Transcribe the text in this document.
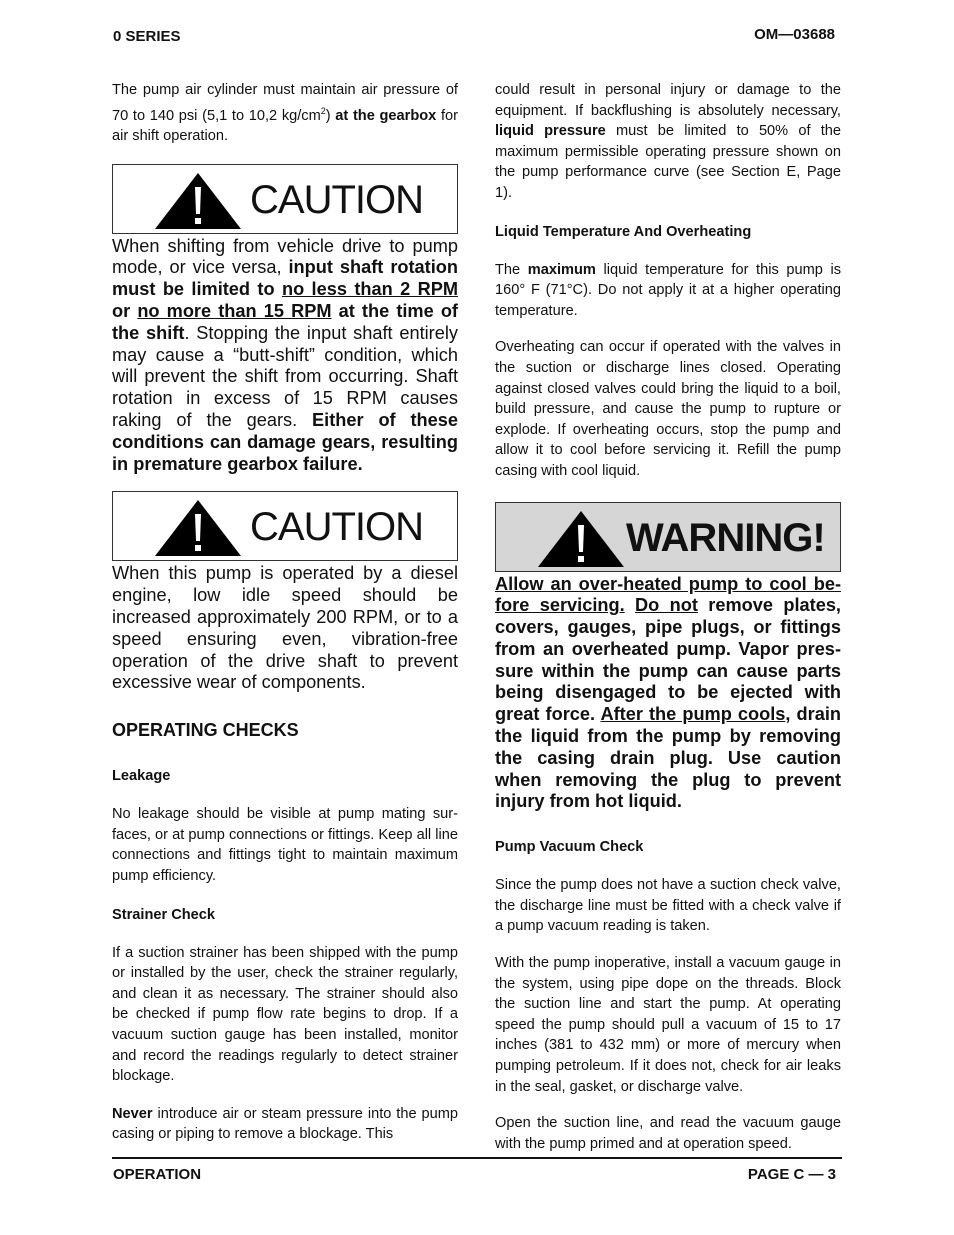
0 SERIES	OM—03688

The pump air cylinder must maintain air pressure of 70 to 140 psi (5,1 to 10,2 $kg/cm^2$) at the gearbox for air shift operation.

CAUTION

When shifting from vehicle drive to pump mode, or vice versa, input shaft rotation must be limited to no less than 2 RPM or no more than 15 RPM at the time of the shift. Stopping the input shaft entirely may cause a “butt-shift” condition, which will prevent the shift from occurring. Shaft rotation in excess of 15 RPM causes raking of the gears. Either of these conditions can damage gears, resulting in premature gearbox failure.

CAUTION

When this pump is operated by a diesel engine, low idle speed should be increased approximately 200 RPM, or to a speed ensuring even, vibration-free operation of the drive shaft to prevent excessive wear of components.

OPERATING CHECKS

Leakage

No leakage should be visible at pump mating surfaces, or at pump connections or fittings. Keep all line connections and fittings tight to maintain maximum pump efficiency.

Strainer Check

If a suction strainer has been shipped with the pump or installed by the user, check the strainer regularly, and clean it as necessary. The strainer should also be checked if pump flow rate begins to drop. If a vacuum suction gauge has been installed, monitor and record the readings regularly to detect strainer blockage.

Never introduce air or steam pressure into the pump casing or piping to remove a blockage. This

could result in personal injury or damage to the equipment. If backflushing is absolutely necessary, liquid pressure must be limited to 50% of the maximum permissible operating pressure shown on the pump performance curve (see Section E, Page 1).

Liquid Temperature And Overheating

The maximum liquid temperature for this pump is 160° F (71°C). Do not apply it at a higher operating temperature.

Overheating can occur if operated with the valves in the suction or discharge lines closed. Operating against closed valves could bring the liquid to a boil, build pressure, and cause the pump to rupture or explode. If overheating occurs, stop the pump and allow it to cool before servicing it. Refill the pump casing with cool liquid.

WARNING!

Allow an over-heated pump to cool before servicing. Do not remove plates, covers, gauges, pipe plugs, or fittings from an overheated pump. Vapor pressure within the pump can cause parts being disengaged to be ejected with great force. After the pump cools, drain the liquid from the pump by removing the casing drain plug. Use caution when removing the plug to prevent injury from hot liquid.

Pump Vacuum Check

Since the pump does not have a suction check valve, the discharge line must be fitted with a check valve if a pump vacuum reading is taken.

With the pump inoperative, install a vacuum gauge in the system, using pipe dope on the threads. Block the suction line and start the pump. At operating speed the pump should pull a vacuum of 15 to 17 inches (381 to 432 mm) or more of mercury when pumping petroleum. If it does not, check for air leaks in the seal, gasket, or discharge valve.

Open the suction line, and read the vacuum gauge with the pump primed and at operation speed.

OPERATION	PAGE C — 3
